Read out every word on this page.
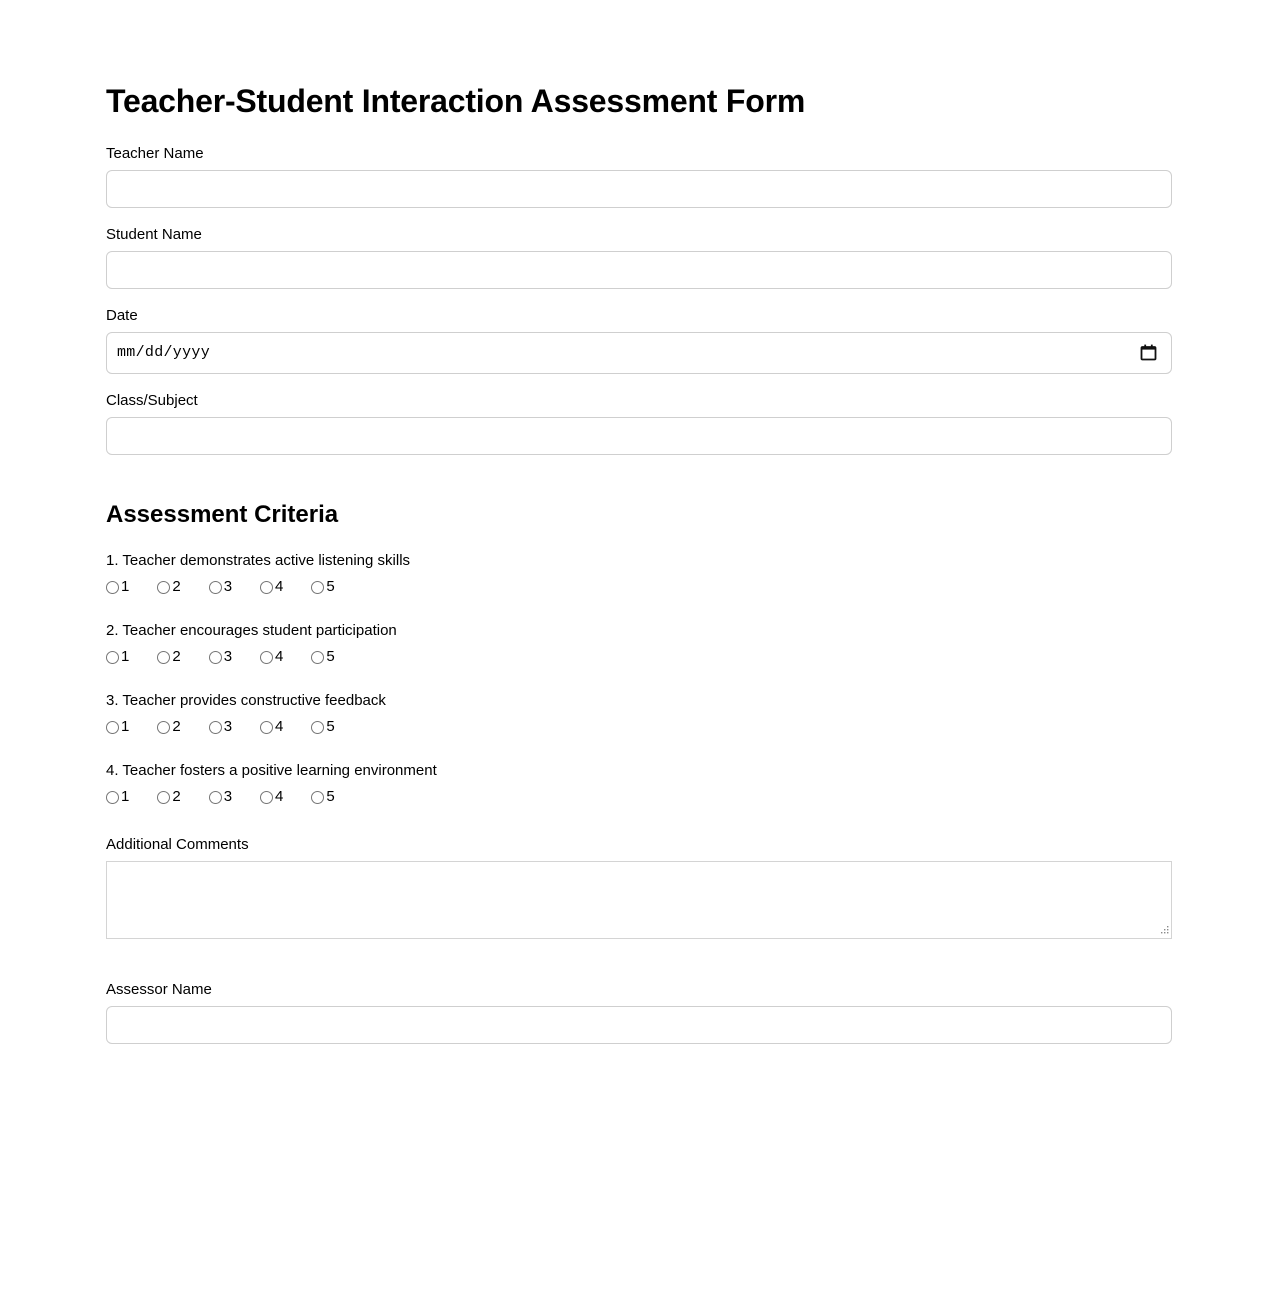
Teacher-Student Interaction Assessment Form
Teacher Name
Student Name
Date
mm/dd/yyyy
Class/Subject
Assessment Criteria
1. Teacher demonstrates active listening skills
1	2	3	4	5
2. Teacher encourages student participation
1	2	3	4	5
3. Teacher provides constructive feedback
1	2	3	4	5
4. Teacher fosters a positive learning environment
1	2	3	4	5
Additional Comments
Assessor Name
